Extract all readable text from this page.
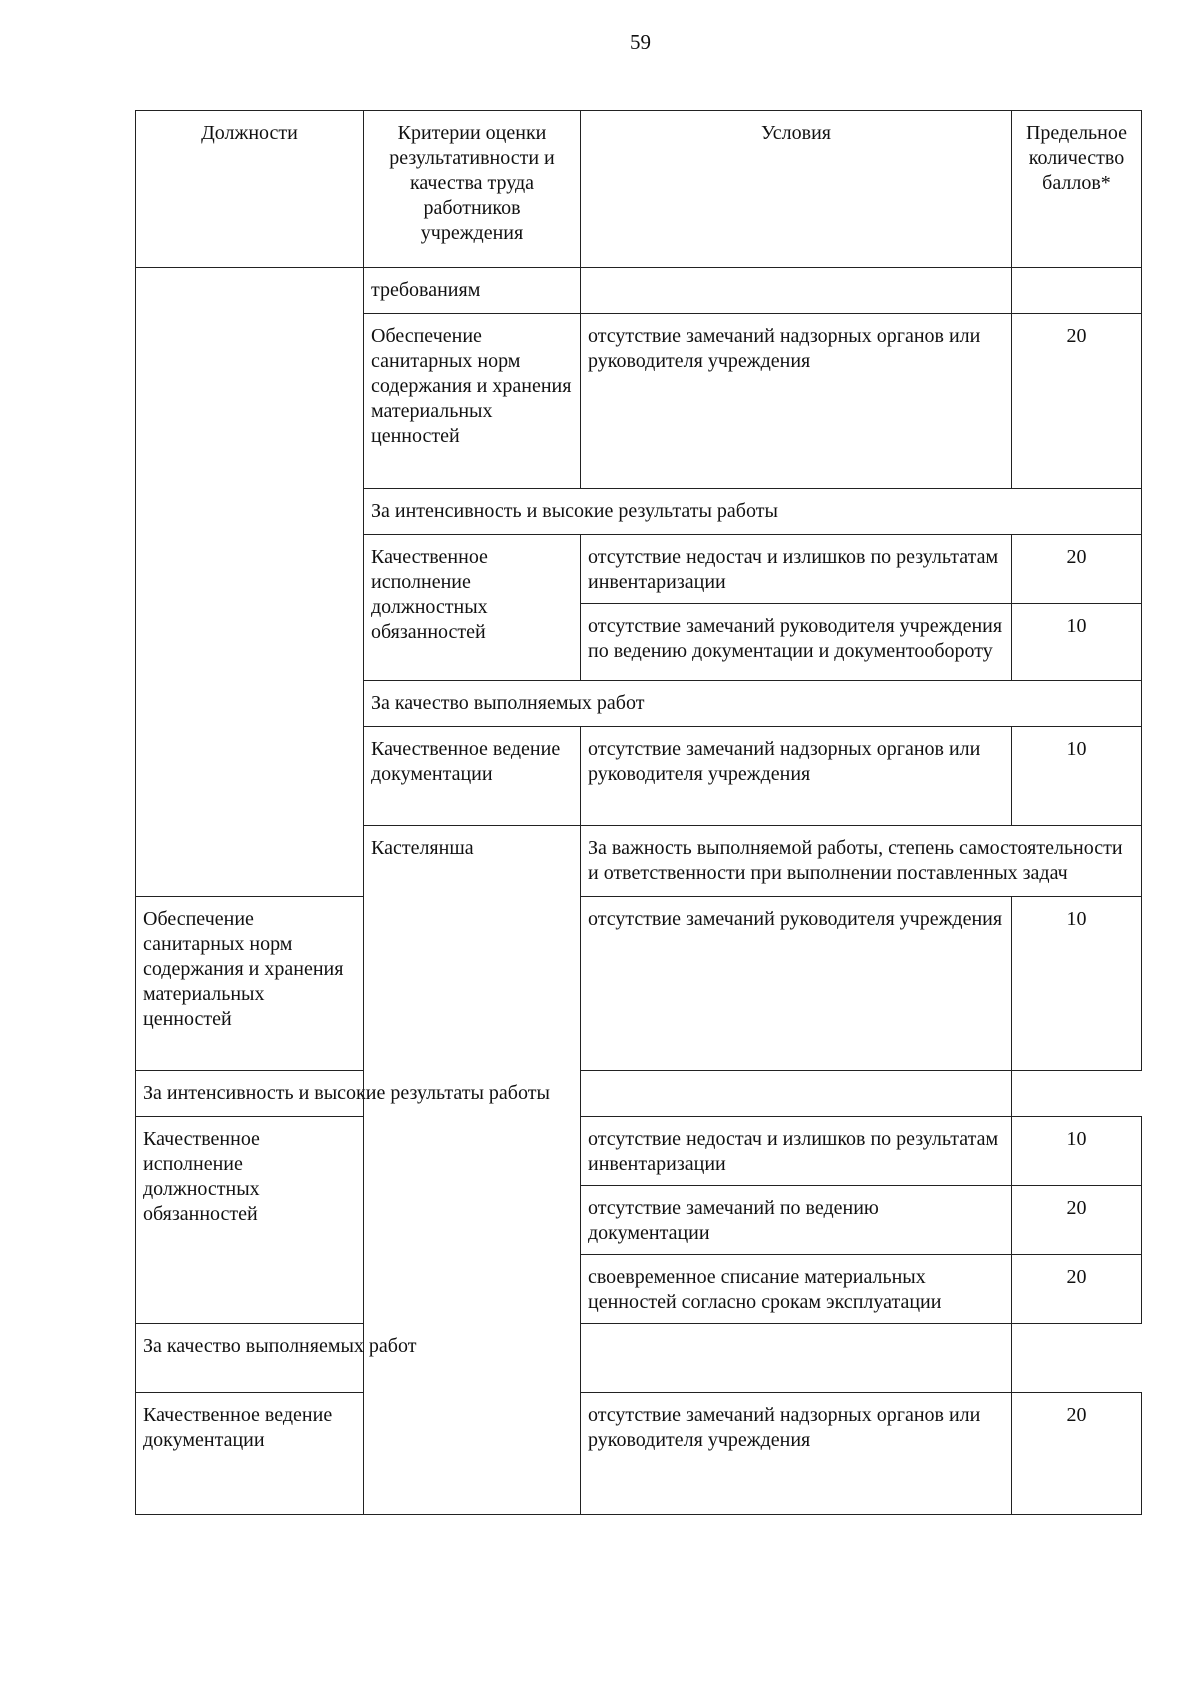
59
Должности	Критерии оценки результативности и качества труда работников учреждения	Условия	Предельное количество баллов*
	требованиям		
	Обеспечение санитарных норм содержания и хранения материальных ценностей	отсутствие замечаний надзорных органов или руководителя учреждения	20
	За интенсивность и высокие результаты работы		
	Качественное исполнение должностных обязанностей	отсутствие недостач и излишков по результатам инвентаризации	20
		отсутствие замечаний руководителя учреждения по ведению документации и документообороту	10
	За качество выполняемых работ		
	Качественное ведение документации	отсутствие замечаний надзорных органов или руководителя учреждения	10
	Кастелянша	За важность выполняемой работы, степень самостоятельности и ответственности при выполнении поставленных задач	
Обеспечение санитарных норм содержания и хранения материальных ценностей		отсутствие замечаний руководителя учреждения	10
За интенсивность и высокие результаты работы			
Качественное исполнение должностных обязанностей		отсутствие недостач и излишков по результатам инвентаризации	10
		отсутствие замечаний по ведению документации	20
		своевременное списание материальных ценностей согласно срокам эксплуатации	20
За качество выполняемых работ			
Качественное ведение документации		отсутствие замечаний надзорных органов или руководителя учреждения	20
